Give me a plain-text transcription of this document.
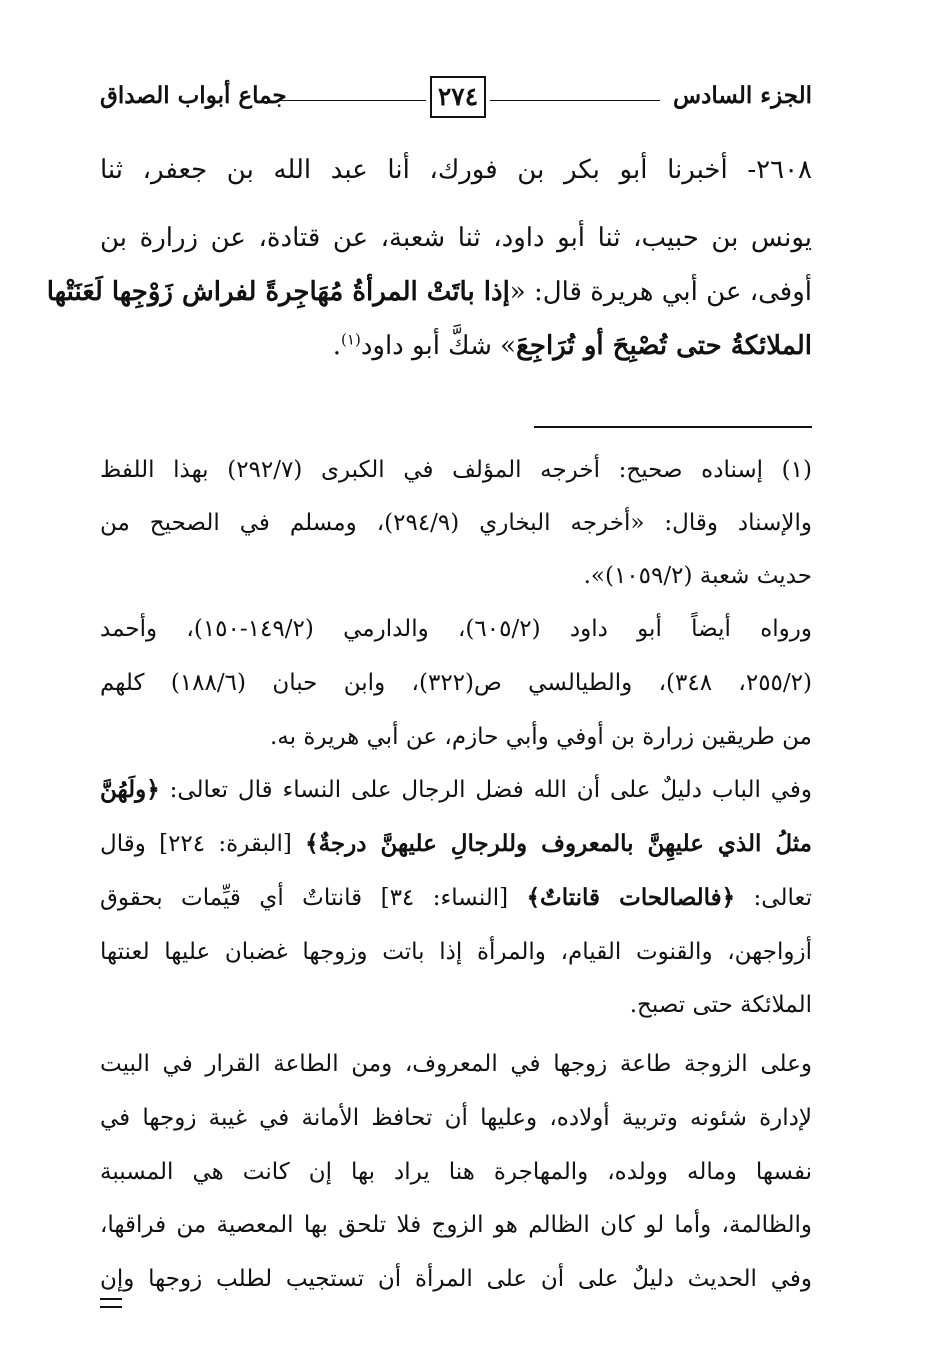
الجزء السادس
٢٧٤
جماع أبواب الصداق
٢٦٠٨- أخبرنا أبو بكر بن فورك، أنا عبد الله بن جعفر، ثنا
يونس بن حبيب، ثنا أبو داود، ثنا شعبة، عن قتادة، عن زرارة بن
أوفى، عن أبي هريرة قال: «إذا باتَتْ المرأةُ مُهَاجِرةً لفراش زَوْجِها لَعَنَتْها
الملائكةُ حتى تُصْبِحَ أو تُرَاجِعَ» شكَّ أبو داود$^{(١)}$.
(١) إسناده صحيح: أخرجه المؤلف في الكبرى (٢٩٢/٧) بهذا اللفظ
والإسناد وقال: «أخرجه البخاري (٢٩٤/٩)، ومسلم في الصحيح من
حديث شعبة (١٠٥٩/٢)».
ورواه أيضاً أبو داود (٦٠٥/٢)، والدارمي (١٤٩/٢-١٥٠)، وأحمد
(٢٥٥/٢، ٣٤٨)، والطيالسي ص(٣٢٢)، وابن حبان (١٨٨/٦) كلهم
من طريقين زرارة بن أوفي وأبي حازم، عن أبي هريرة به.
وفي الباب دليلٌ على أن الله فضل الرجال على النساء قال تعالى: ﴿ولَهُنَّ
مثلُ الذي عليهِنَّ بالمعروف وللرجالِ عليهنَّ درجةٌ﴾ [البقرة: ٢٢٤] وقال
تعالى: ﴿فالصالحات قانتاتٌ﴾ [النساء: ٣٤] قانتاتٌ أي قيِّمات بحقوق
أزواجهن، والقنوت القيام، والمرأة إذا باتت وزوجها غضبان عليها لعنتها
الملائكة حتى تصبح.
وعلى الزوجة طاعة زوجها في المعروف، ومن الطاعة القرار في البيت
لإدارة شئونه وتربية أولاده، وعليها أن تحافظ الأمانة في غيبة زوجها في
نفسها وماله وولده، والمهاجرة هنا يراد بها إن كانت هي المسببة
والظالمة، وأما لو كان الظالم هو الزوج فلا تلحق بها المعصية من فراقها،
وفي الحديث دليلٌ على أن على المرأة أن تستجيب لطلب زوجها وإن
